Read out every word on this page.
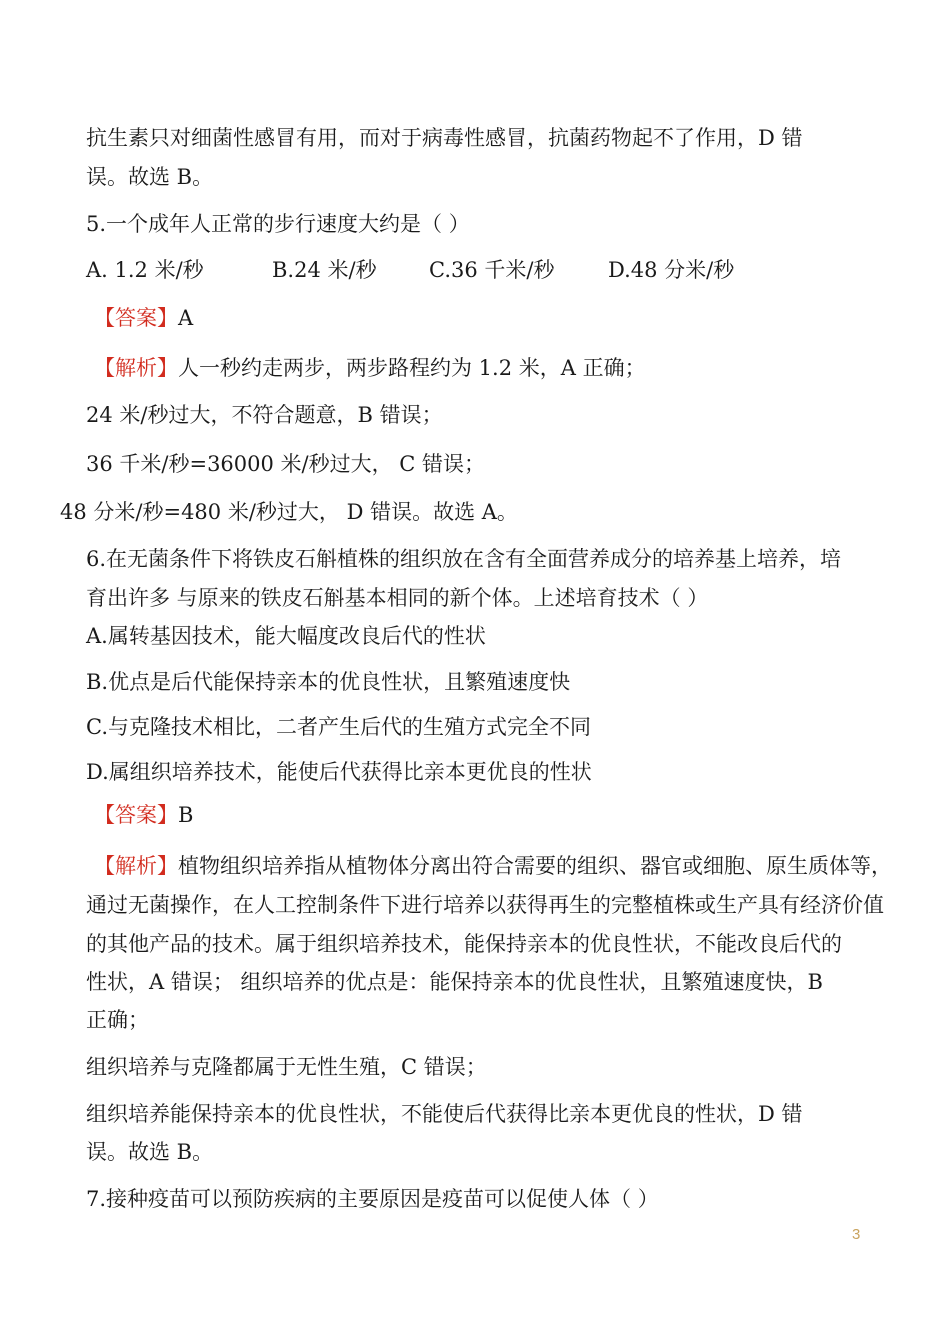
抗生素只对细菌性感冒有用，而对于病毒性感冒，抗菌药物起不了作用，D 错
误。故选 B。
5.一个成年人正常的步行速度大约是（ ）
A. 1.2 米/秒	B.24 米/秒 C.36 千米/秒	D.48 分米/秒
【答案】A
【解析】人一秒约走两步，两步路程约为 1.2 米，A 正确；
24 米/秒过大，不符合题意，B 错误；
36 千米/秒=36000 米/秒过大， C 错误；
48 分米/秒=480 米/秒过大， D 错误。故选 A。
6.在无菌条件下将铁皮石斛植株的组织放在含有全面营养成分的培养基上培养，培
育出许多 与原来的铁皮石斛基本相同的新个体。上述培育技术（ ）
A.属转基因技术，能大幅度改良后代的性状
B.优点是后代能保持亲本的优良性状，且繁殖速度快
C.与克隆技术相比，二者产生后代的生殖方式完全不同
D.属组织培养技术，能使后代获得比亲本更优良的性状
【答案】B
【解析】植物组织培养指从植物体分离出符合需要的组织、器官或细胞、原生质体等，
通过无菌操作，在人工控制条件下进行培养以获得再生的完整植株或生产具有经济价值
的其他产品的技术。属于组织培养技术，能保持亲本的优良性状，不能改良后代的
性状，A 错误； 组织培养的优点是：能保持亲本的优良性状，且繁殖速度快，B
正确；
组织培养与克隆都属于无性生殖，C 错误；
组织培养能保持亲本的优良性状，不能使后代获得比亲本更优良的性状，D 错
误。故选 B。
7.接种疫苗可以预防疾病的主要原因是疫苗可以促使人体（ ）
3
